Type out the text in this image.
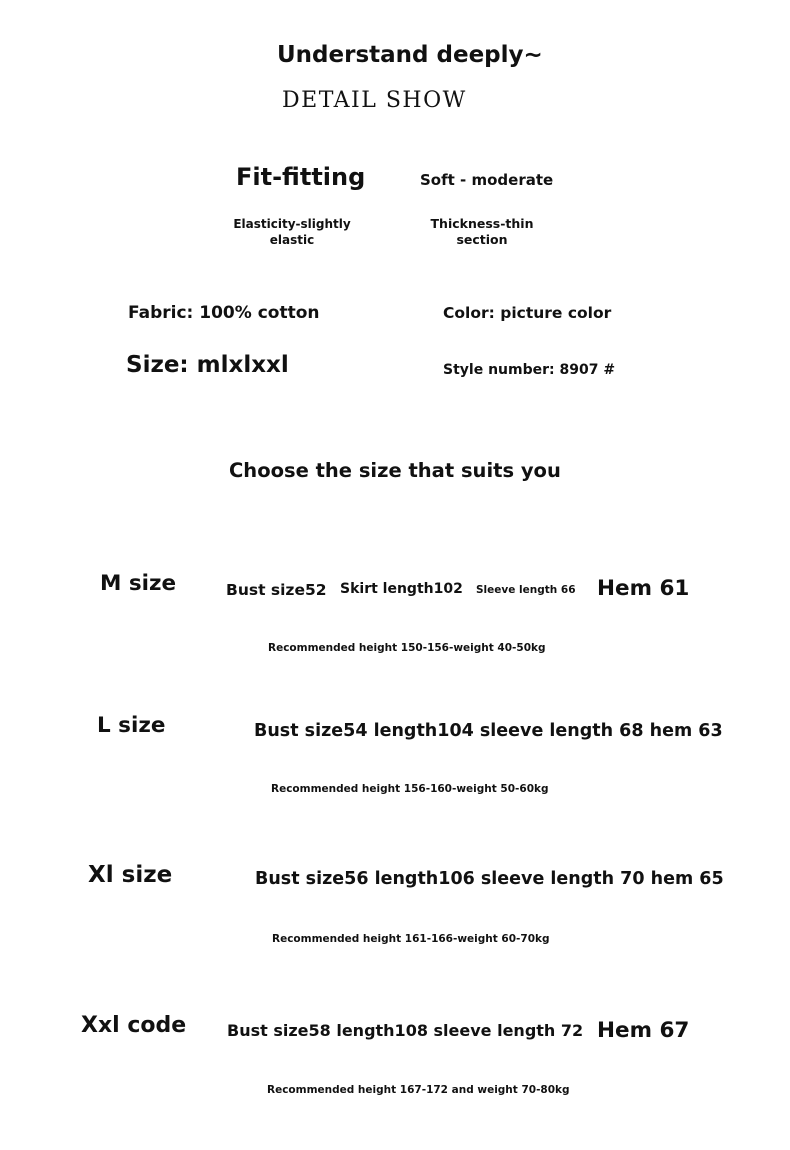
Understand deeply~
DETAIL SHOW
Fit-fitting	Soft - moderate
Elasticity-slightly
elastic
Thickness-thin
section
Fabric: 100% cotton	Color: picture color
Size: mlxlxxl	Style number: 8907 #
Choose the size that suits you
M size	Bust size52 Skirt length102 Sleeve length 66 Hem 61
Recommended height 150-156-weight 40-50kg
L size	Bust size54 length104 sleeve length 68 hem 63
Recommended height 156-160-weight 50-60kg
Xl size	Bust size56 length106 sleeve length 70 hem 65
Recommended height 161-166-weight 60-70kg
Xxl code	Bust size58 length108 sleeve length 72 Hem 67
Recommended height 167-172 and weight 70-80kg
